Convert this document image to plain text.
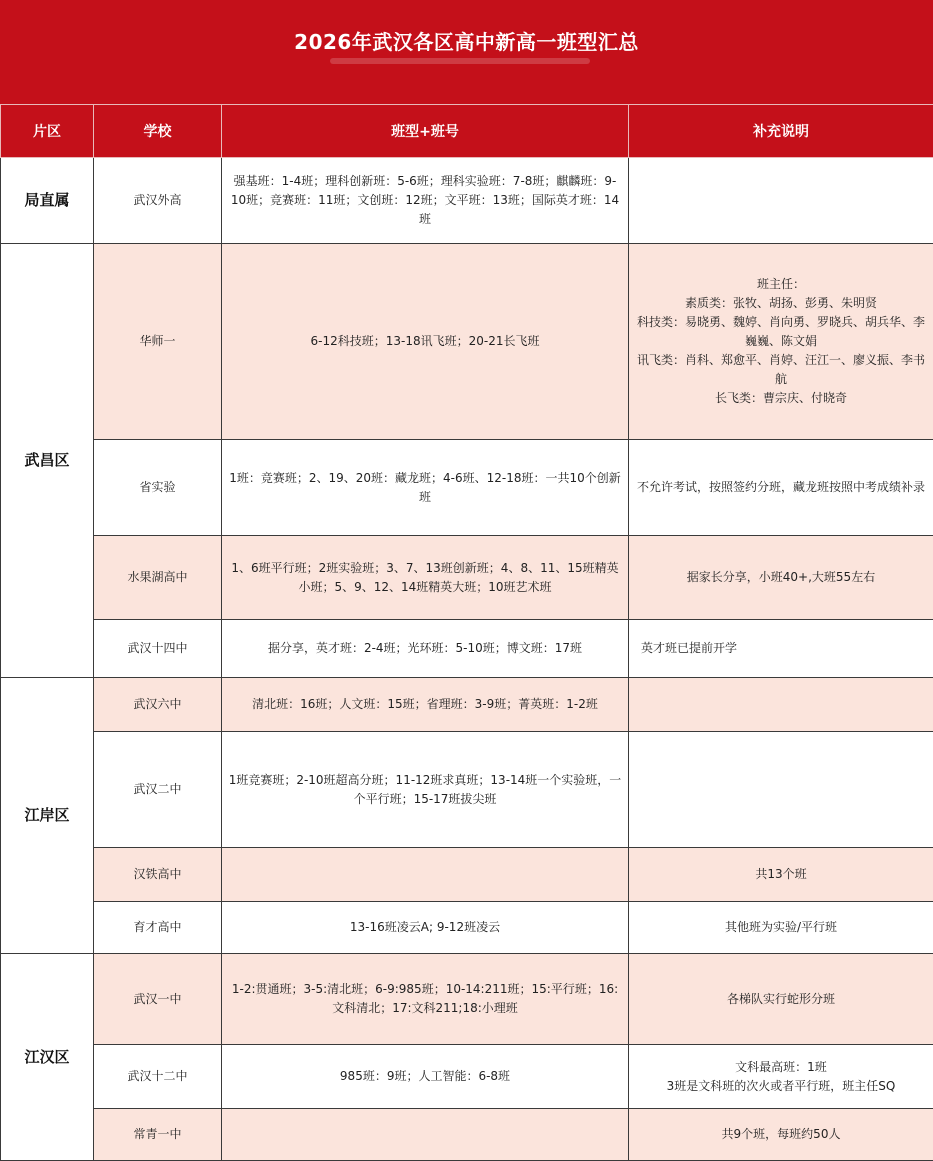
2026年武汉各区高中新高一班型汇总
片区	学校	班型+班号	补充说明
局直属	武汉外高	强基班：1-4班；理科创新班：5-6班；理科实验班：7-8班；麒麟班：9-10班；竞赛班：11班；文创班：12班；文平班：13班；国际英才班：14班	
武昌区	华师一	6-12科技班；13-18讯飞班；20-21长飞班	班主任：
素质类：张牧、胡扬、彭勇、朱明贤
科技类：易晓勇、魏婷、肖向勇、罗晓兵、胡兵华、李巍巍、陈文娟
讯飞类：肖科、郑愈平、肖婷、汪江一、廖义振、李书航
长飞类：曹宗庆、付晓奇
	省实验	1班：竞赛班；2、19、20班：藏龙班；4-6班、12-18班：一共10个创新班	不允许考试，按照签约分班，藏龙班按照中考成绩补录
	水果湖高中	1、6班平行班；2班实验班；3、7、13班创新班；4、8、11、15班精英小班；5、9、12、14班精英大班；10班艺术班	据家长分享，小班40+,大班55左右
	武汉十四中	据分享，英才班：2-4班；光环班：5-10班；博文班：17班	英才班已提前开学
江岸区	武汉六中	清北班：16班；人文班：15班；省理班：3-9班；菁英班：1-2班	
	武汉二中	1班竞赛班；2-10班超高分班；11-12班求真班；13-14班一个实验班，一个平行班；15-17班拔尖班	
	汉铁高中		共13个班
	育才高中	13-16班凌云A; 9-12班凌云	其他班为实验/平行班
江汉区	武汉一中	1-2:贯通班；3-5:清北班；6-9:985班；10-14:211班；15:平行班；16:文科清北；17:文科211;18:小理班	各梯队实行蛇形分班
	武汉十二中	985班：9班；人工智能：6-8班	文科最高班：1班
3班是文科班的次火或者平行班，班主任SQ
	常青一中		共9个班，每班约50人
